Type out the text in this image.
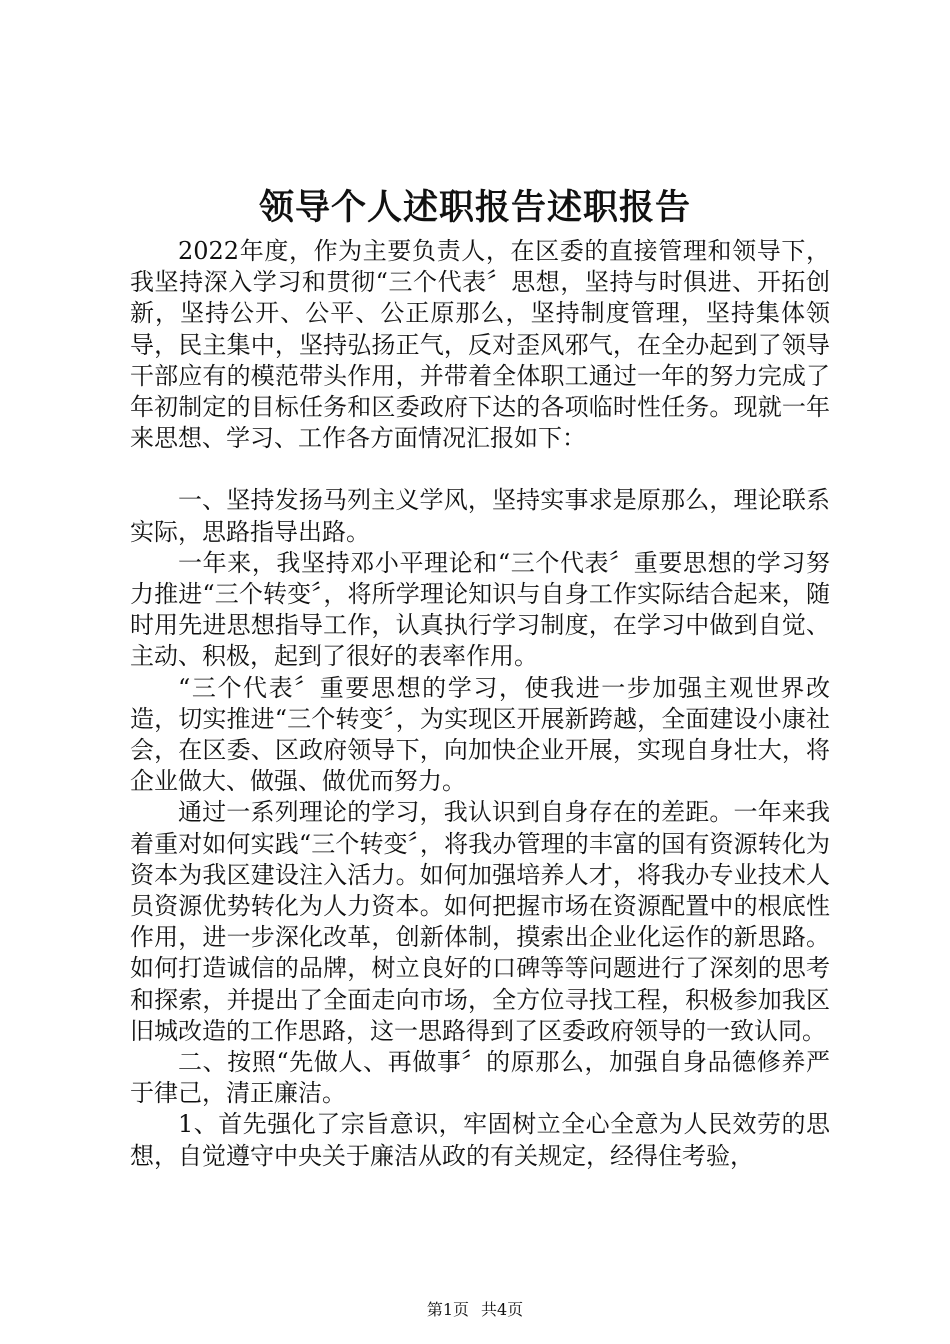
领导个人述职报告述职报告

2022年度，作为主要负责人，在区委的直接管理和领导下，我坚持深入学习和贯彻“三个代表〞思想，坚持与时俱进、开拓创新，坚持公开、公平、公正原那么，坚持制度管理，坚持集体领导，民主集中，坚持弘扬正气，反对歪风邪气，在全办起到了领导干部应有的模范带头作用，并带着全体职工通过一年的努力完成了年初制定的目标任务和区委政府下达的各项临时性任务。现就一年来思想、学习、工作各方面情况汇报如下：

一、坚持发扬马列主义学风，坚持实事求是原那么，理论联系实际，思路指导出路。

一年来，我坚持邓小平理论和“三个代表〞重要思想的学习努力推进“三个转变〞，将所学理论知识与自身工作实际结合起来，随时用先进思想指导工作，认真执行学习制度，在学习中做到自觉、主动、积极，起到了很好的表率作用。

“三个代表〞重要思想的学习，使我进一步加强主观世界改造，切实推进“三个转变〞，为实现区开展新跨越，全面建设小康社会，在区委、区政府领导下，向加快企业开展，实现自身壮大，将企业做大、做强、做优而努力。

通过一系列理论的学习，我认识到自身存在的差距。一年来我着重对如何实践“三个转变〞，将我办管理的丰富的国有资源转化为资本为我区建设注入活力。如何加强培养人才，将我办专业技术人员资源优势转化为人力资本。如何把握市场在资源配置中的根底性作用，进一步深化改革，创新体制，摸索出企业化运作的新思路。如何打造诚信的品牌，树立良好的口碑等等问题进行了深刻的思考和探索，并提出了全面走向市场，全方位寻找工程，积极参加我区旧城改造的工作思路，这一思路得到了区委政府领导的一致认同。

二、按照“先做人、再做事〞的原那么，加强自身品德修养严于律己，清正廉洁。

1、首先强化了宗旨意识，牢固树立全心全意为人民效劳的思想，自觉遵守中央关于廉洁从政的有关规定，经得住考验，

第1页 共4页
